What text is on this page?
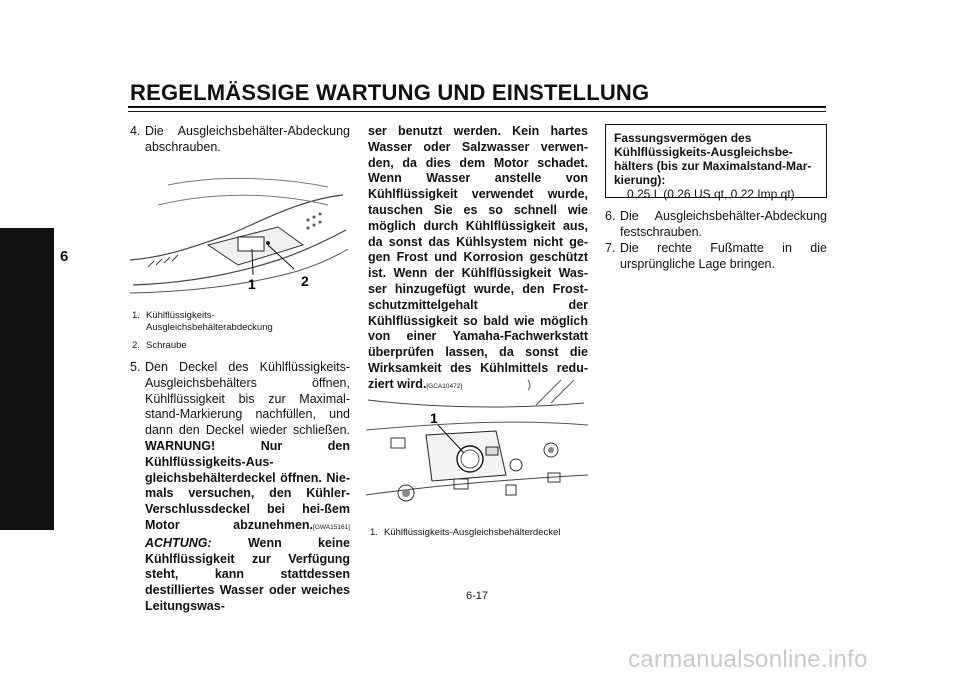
REGELMÄSSIGE WARTUNG UND EINSTELLUNG
6
4. Die Ausgleichsbehälter-Abdeckung abschrauben.
1	2
1. Kühlflüssigkeits-
Ausgleichsbehälterabdeckung
2. Schraube
5. Den Deckel des Kühlflüssigkeits-Ausgleichsbehälters öffnen, Kühlflüssigkeit bis zur Maximal-stand-Markierung nachfüllen, und dann den Deckel wieder schließen. WARNUNG! Nur den Kühlflüssigkeits-Aus-gleichsbehälterdeckel öffnen. Nie-mals versuchen, den Kühler-Verschlussdeckel bei hei-ßem Motor abzunehmen.[GWA15161] ACHTUNG:	Wenn keine Kühlflüssigkeit zur Verfügung steht, kann stattdessen destilliertes Wasser oder weiches Leitungswas-
ser benutzt werden. Kein hartes Wasser oder Salzwasser verwen-den, da dies dem Motor schadet. Wenn Wasser anstelle von Kühlflüssigkeit verwendet wurde, tauschen Sie es so schnell wie möglich durch Kühlflüssigkeit aus, da sonst das Kühlsystem nicht ge-gen Frost und Korrosion geschützt ist. Wenn der Kühlflüssigkeit Was-ser hinzugefügt wurde, den Frost-schutzmittelgehalt der Kühlflüssigkeit so bald wie möglich von einer Yamaha-Fachwerkstatt überprüfen lassen, da sonst die Wirksamkeit des Kühlmittels redu-ziert wird.[GCA10472]
1
1. Kühlflüssigkeits-Ausgleichsbehälterdeckel
Fassungsvermögen des Kühlflüssigkeits-Ausgleichsbe-hälters (bis zur Maximalstand-Mar-kierung):
0.25 L (0.26 US qt, 0.22 Imp.qt)
6. Die Ausgleichsbehälter-Abdeckung festschrauben.
7. Die rechte Fußmatte in die ursprüngliche Lage bringen.
6-17
carmanualsonline.info
